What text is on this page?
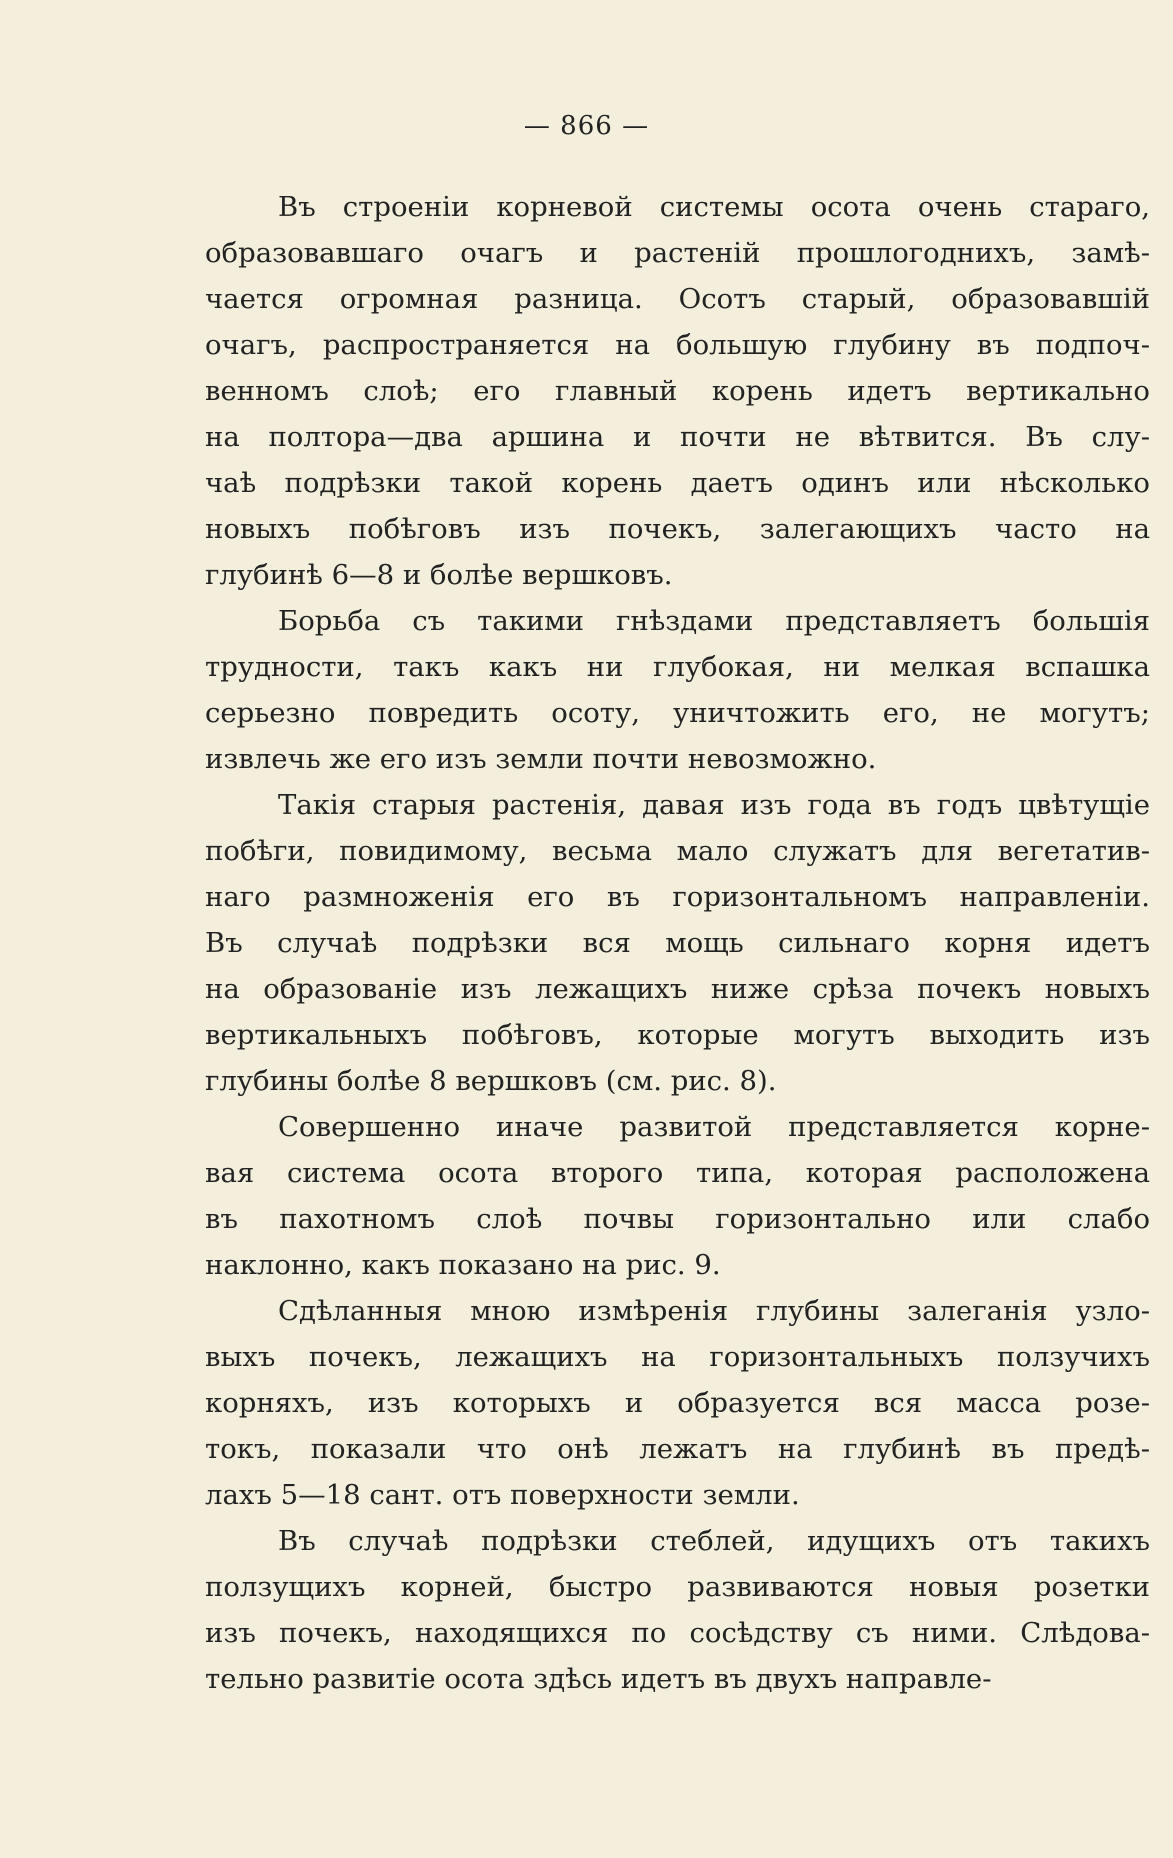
— 866 —
Въ строеніи корневой системы осота очень стараго,
образовавшаго очагъ и растеній прошлогоднихъ, замѣ-
чается огромная разница. Осотъ старый, образовавшій
очагъ, распространяется на большую глубину въ подпоч-
венномъ слоѣ; его главный корень идетъ вертикально
на полтора—два аршина и почти не вѣтвится. Въ слу-
чаѣ подрѣзки такой корень даетъ одинъ или нѣсколько
новыхъ побѣговъ изъ почекъ, залегающихъ часто на
глубинѣ 6—8 и болѣе вершковъ.
Борьба съ такими гнѣздами представляетъ большія
трудности, такъ какъ ни глубокая, ни мелкая вспашка
серьезно повредить осоту, уничтожить его, не могутъ;
извлечь же его изъ земли почти невозможно.
Такія старыя растенія, давая изъ года въ годъ цвѣтущіе
побѣги, повидимому, весьма мало служатъ для вегетатив-
наго размноженія его въ горизонтальномъ направленіи.
Въ случаѣ подрѣзки вся мощь сильнаго корня идетъ
на образованіе изъ лежащихъ ниже срѣза почекъ новыхъ
вертикальныхъ побѣговъ, которые могутъ выходить изъ
глубины болѣе 8 вершковъ (см. рис. 8).
Совершенно иначе развитой представляется корне-
вая система осота второго типа, которая расположена
въ пахотномъ слоѣ почвы горизонтально или слабо
наклонно, какъ показано на рис. 9.
Сдѣланныя мною измѣренія глубины залеганія узло-
выхъ почекъ, лежащихъ на горизонтальныхъ ползучихъ
корняхъ, изъ которыхъ и образуется вся масса розе-
токъ, показали что онѣ лежатъ на глубинѣ въ предѣ-
лахъ 5—18 сант. отъ поверхности земли.
Въ случаѣ подрѣзки стеблей, идущихъ отъ такихъ
ползущихъ корней, быстро развиваются новыя розетки
изъ почекъ, находящихся по сосѣдству съ ними. Слѣдова-
тельно развитіе осота здѣсь идетъ въ двухъ направле-
